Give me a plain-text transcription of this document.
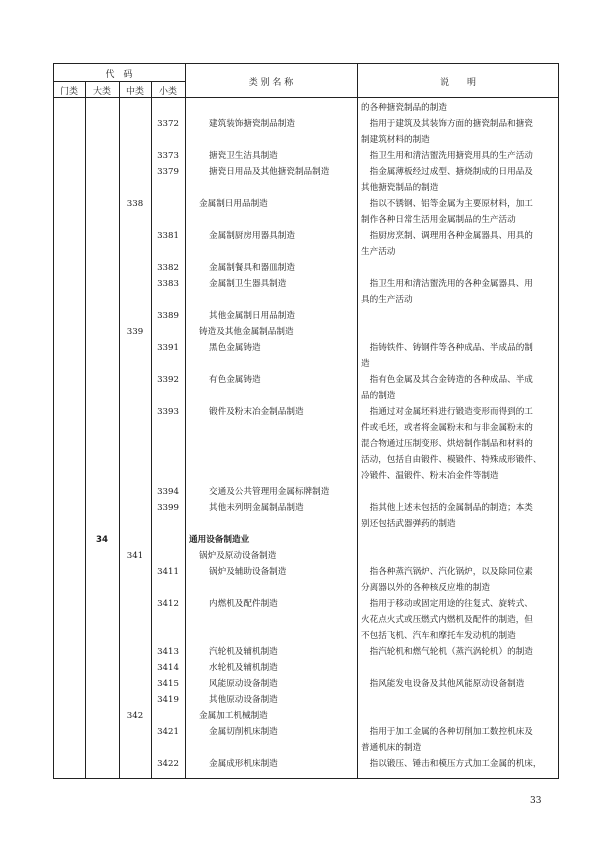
代　码
门类	大类	中类	小类
类 别 名 称	说　　明
的各种搪瓷制品的制造
3372	建筑装饰搪瓷制品制造	　指用于建筑及其装饰方面的搪瓷制品和搪瓷
制建筑材料的制造
3373	搪瓷卫生洁具制造	　指卫生用和清洁盥洗用搪瓷用具的生产活动
3379	搪瓷日用品及其他搪瓷制品制造	　指金属薄板经过成型、搪烧制成的日用品及
其他搪瓷制品的制造
338	金属制日用品制造	　指以不锈钢、铝等金属为主要原材料，加工
制作各种日常生活用金属制品的生产活动
3381	金属制厨房用器具制造	　指厨房烹制、调理用各种金属器具、用具的
生产活动
3382	金属制餐具和器皿制造
3383	金属制卫生器具制造	　指卫生用和清洁盥洗用的各种金属器具、用
具的生产活动
3389	其他金属制日用品制造
339	铸造及其他金属制品制造
3391	黑色金属铸造	　指铸铁件、铸钢件等各种成品、半成品的制
造
3392	有色金属铸造	　指有色金属及其合金铸造的各种成品、半成
品的制造
3393	锻件及粉末冶金制品制造	　指通过对金属坯料进行锻造变形而得到的工
件或毛坯，或者将金属粉末和与非金属粉末的
混合物通过压制变形、烘焙制作制品和材料的
活动，包括自由锻件、模锻件、特殊成形锻件、
冷锻件、温锻件、粉末冶金件等制造
3394	交通及公共管理用金属标牌制造
3399	其他未列明金属制品制造	　指其他上述未包括的金属制品的制造；本类
别还包括武器弹药的制造
34	通用设备制造业
341	锅炉及原动设备制造
3411	锅炉及辅助设备制造	　指各种蒸汽锅炉、汽化锅炉，以及除同位素
分离器以外的各种核反应堆的制造
3412	内燃机及配件制造	　指用于移动或固定用途的往复式、旋转式、
火花点火式或压燃式内燃机及配件的制造，但
不包括飞机、汽车和摩托车发动机的制造
3413	汽轮机及辅机制造	　指汽轮机和燃气轮机（蒸汽涡轮机）的制造
3414	水轮机及辅机制造
3415	风能原动设备制造	　指风能发电设备及其他风能原动设备制造
3419	其他原动设备制造
342	金属加工机械制造
3421	金属切削机床制造	　指用于加工金属的各种切削加工数控机床及
普通机床的制造
3422	金属成形机床制造	　指以锻压、锤击和模压方式加工金属的机床，
33
